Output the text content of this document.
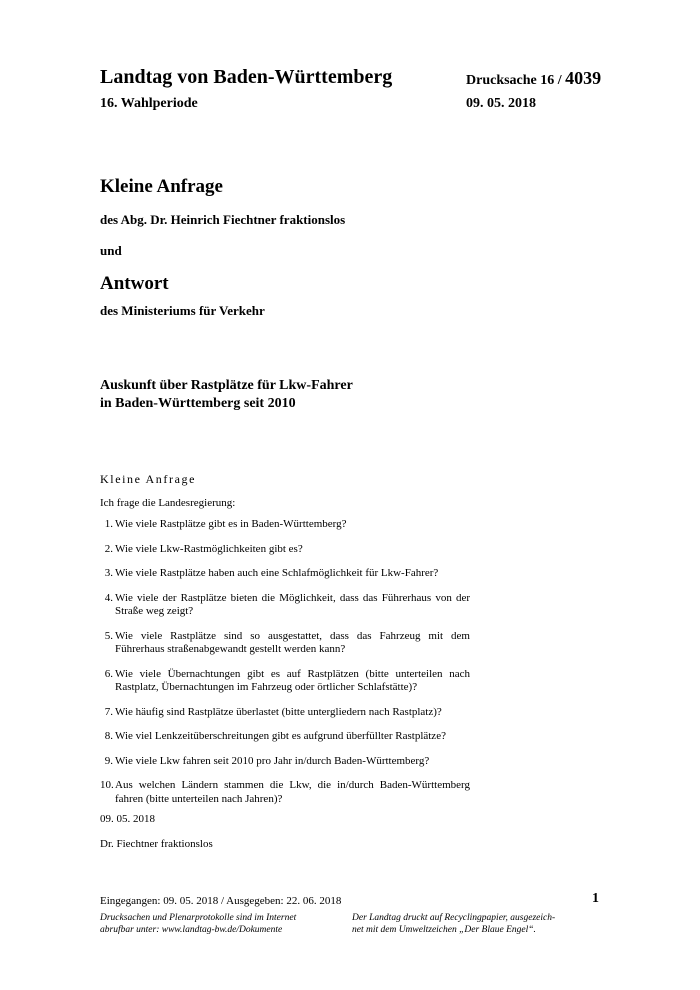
Landtag von Baden-Württemberg
16. Wahlperiode
Drucksache 16 / 4039
09. 05. 2018
Kleine Anfrage
des Abg. Dr. Heinrich Fiechtner fraktionslos
und
Antwort
des Ministeriums für Verkehr
Auskunft über Rastplätze für Lkw-Fahrer
in Baden-Württemberg seit 2010
Kleine Anfrage
Ich frage die Landesregierung:
1. Wie viele Rastplätze gibt es in Baden-Württemberg?
2. Wie viele Lkw-Rastmöglichkeiten gibt es?
3. Wie viele Rastplätze haben auch eine Schlafmöglichkeit für Lkw-Fahrer?
4. Wie viele der Rastplätze bieten die Möglichkeit, dass das Führerhaus von der Straße weg zeigt?
5. Wie viele Rastplätze sind so ausgestattet, dass das Fahrzeug mit dem Führerhaus straßenabgewandt gestellt werden kann?
6. Wie viele Übernachtungen gibt es auf Rastplätzen (bitte unterteilen nach Rastplatz, Übernachtungen im Fahrzeug oder örtlicher Schlafstätte)?
7. Wie häufig sind Rastplätze überlastet (bitte untergliedern nach Rastplatz)?
8. Wie viel Lenkzeitüberschreitungen gibt es aufgrund überfüllter Rastplätze?
9. Wie viele Lkw fahren seit 2010 pro Jahr in/durch Baden-Württemberg?
10. Aus welchen Ländern stammen die Lkw, die in/durch Baden-Württemberg fahren (bitte unterteilen nach Jahren)?
09. 05. 2018
Dr. Fiechtner fraktionslos
Eingegangen: 09. 05. 2018 / Ausgegeben: 22. 06. 2018	1
Drucksachen und Plenarprotokolle sind im Internet
abrufbar unter: www.landtag-bw.de/Dokumente
Der Landtag druckt auf Recyclingpapier, ausgezeich-
net mit dem Umweltzeichen „Der Blaue Engel“.
